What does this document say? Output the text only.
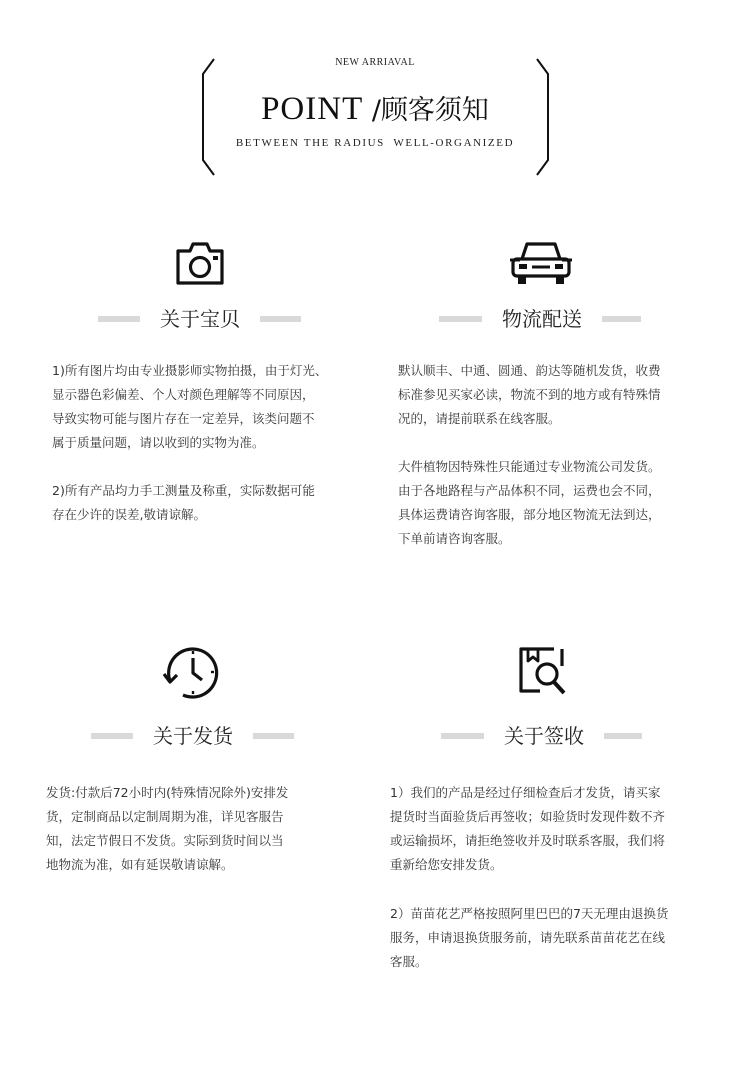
NEW ARRIAVAL
POINT /顾客须知
BETWEEN THE RADIUS  WELL-ORGANIZED
关于宝贝
1)所有图片均由专业摄影师实物拍摄，由于灯光、
显示器色彩偏差、个人对颜色理解等不同原因，
导致实物可能与图片存在一定差异，该类问题不
属于质量问题，请以收到的实物为准。
2)所有产品均力手工测量及称重，实际数据可能
存在少许的误差,敬请谅解。
物流配送
默认顺丰、中通、圆通、韵达等随机发货，收费
标准参见买家必读，物流不到的地方或有特殊情
况的，请提前联系在线客服。
大件植物因特殊性只能通过专业物流公司发货。
由于各地路程与产品体积不同，运费也会不同，
具体运费请咨询客服，部分地区物流无法到达，
下单前请咨询客服。
关于发货
发货:付款后72小时内(特殊情况除外)安排发
货，定制商品以定制周期为准，详见客服告
知，法定节假日不发货。实际到货时间以当
地物流为准，如有延误敬请谅解。
关于签收
1）我们的产品是经过仔细检查后才发货，请买家
提货时当面验货后再签收；如验货时发现件数不齐
或运输损坏，请拒绝签收并及时联系客服，我们将
重新给您安排发货。
2）苗苗花艺严格按照阿里巴巴的7天无理由退换货
服务，申请退换货服务前，请先联系苗苗花艺在线
客服。
